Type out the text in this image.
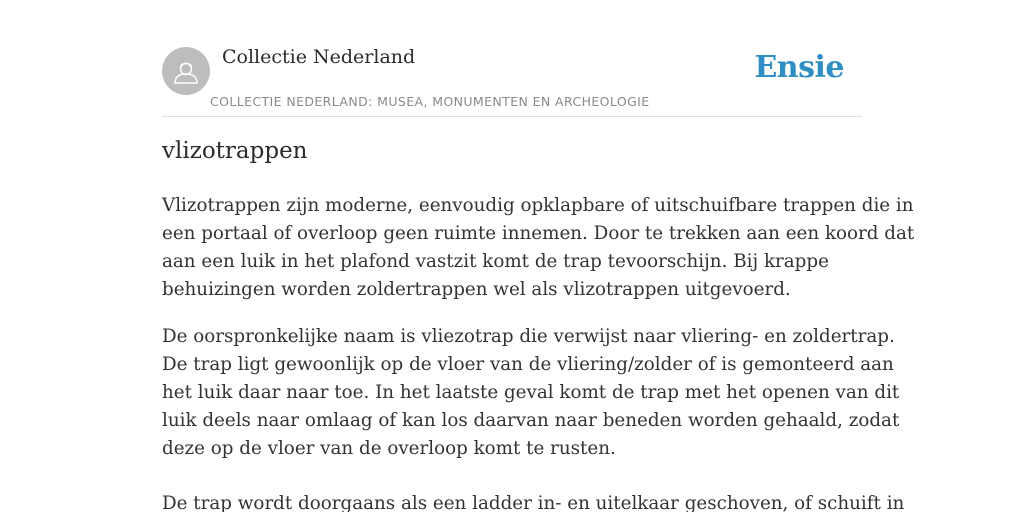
Collectie Nederland
COLLECTIE NEDERLAND: MUSEA, MONUMENTEN EN ARCHEOLOGIE
Ensie
vlizotrappen

Vlizotrappen zijn moderne, eenvoudig opklapbare of uitschuifbare trappen die in

een portaal of overloop geen ruimte innemen. Door te trekken aan een koord dat

aan een luik in het plafond vastzit komt de trap tevoorschijn. Bij krappe

behuizingen worden zoldertrappen wel als vlizotrappen uitgevoerd.

De oorspronkelijke naam is vliezotrap die verwijst naar vliering- en zoldertrap.

De trap ligt gewoonlijk op de vloer van de vliering/zolder of is gemonteerd aan

het luik daar naar toe. In het laatste geval komt de trap met het openen van dit

luik deels naar omlaag of kan los daarvan naar beneden worden gehaald, zodat

deze op de vloer van de overloop komt te rusten.

De trap wordt doorgaans als een ladder in- en uitelkaar geschoven, of schuift in
